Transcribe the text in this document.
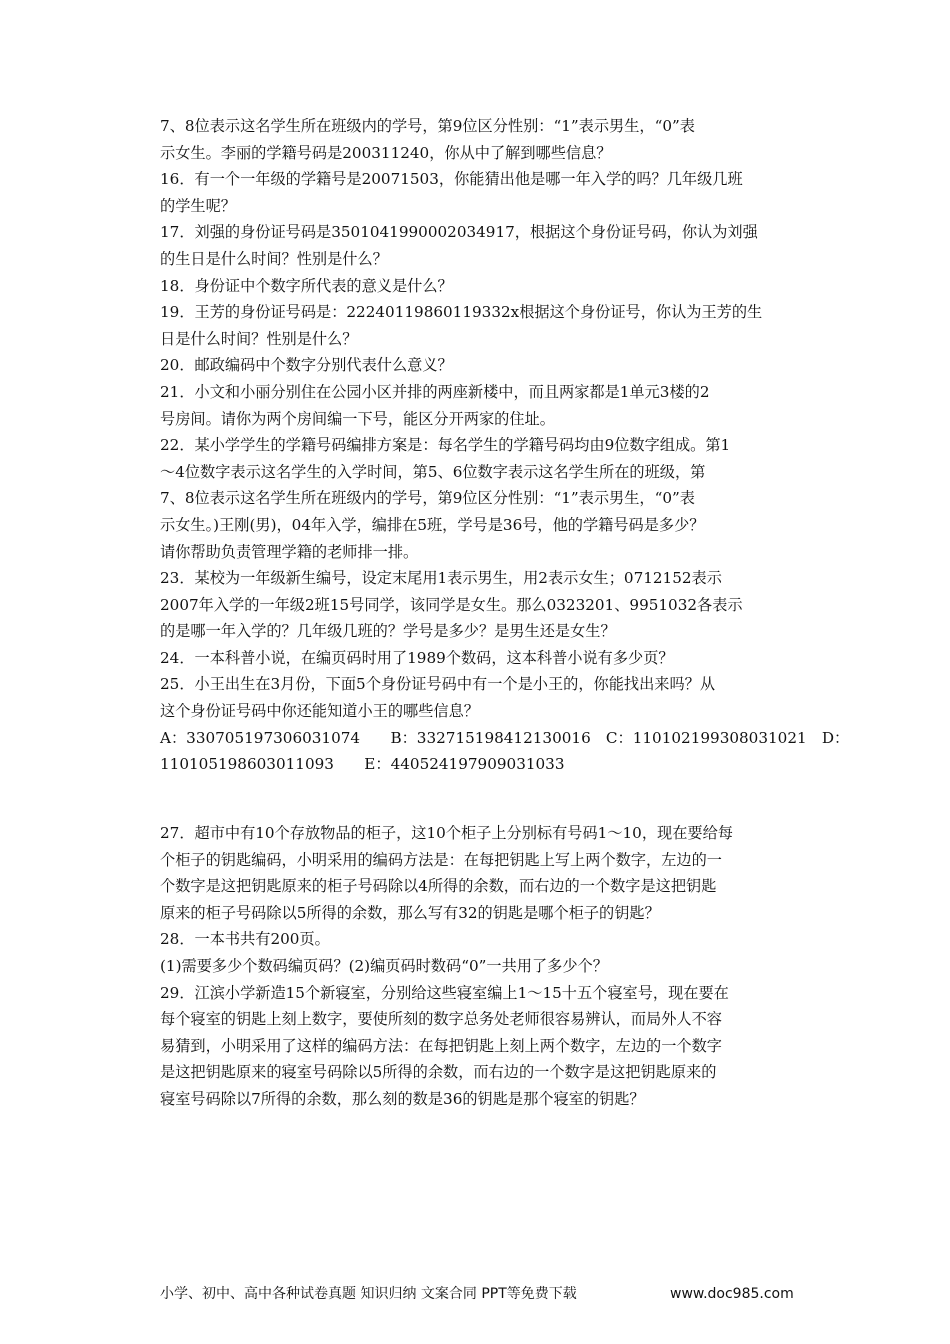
7、8位表示这名学生所在班级内的学号，第9位区分性别：“1”表示男生，“0”表
示女生。李丽的学籍号码是200311240，你从中了解到哪些信息？
16．有一个一年级的学籍号是20071503，你能猜出他是哪一年入学的吗？几年级几班
的学生呢？
17．刘强的身份证号码是350104199000203​4917，根据这个身份证号码，你认为刘强
的生日是什么时间？性别是什么？
18．身份证中个数字所代表的意义是什么？
19．王芳的身份证号码是：22240119860119332x根据这个身份证号，你认为王芳的生
日是什么时间？性别是什么？
20．邮政编码中个数字分别代表什么意义？
21．小文和小丽分别住在公园小区并排的两座新楼中，而且两家都是1单元3楼的2
号房间。请你为两个房间编一下号，能区分开两家的住址。
22．某小学学生的学籍号码编排方案是：每名学生的学籍号码均由9位数字组成。第1
～4位数字表示这名学生的入学时间，第5、6位数字表示这名学生所在的班级，第
7、8位表示这名学生所在班级内的学号，第9位区分性别：“1”表示男生，“0”表
示女生。)王刚(男)，04年入学，编排在5班，学号是36号，他的学籍号码是多少？
请你帮助负责管理学籍的老师排一排。
23．某校为一年级新生编号，设定末尾用1表示男生，用2表示女生；0712152表示
2007年入学的一年级2班15号同学，该同学是女生。那么0323201、9951032各表示
的是哪一年入学的？几年级几班的？学号是多少？是男生还是女生？
24．一本科普小说，在编页码时用了1989个数码，这本科普小说有多少页？
25．小王出生在3月份，下面5个身份证号码中有一个是小王的，你能找出来吗？从
这个身份证号码中你还能知道小王的哪些信息？
A：330705197306031074　　B：332715198412130016　C：110102199308031021　D：
110105198603011093　　E：440524197909031033
27．超市中有10个存放物品的柜子，这10个柜子上分别标有号码1～10，现在要给每
个柜子的钥匙编码，小明采用的编码方法是：在每把钥匙上写上两个数字，左边的一
个数字是这把钥匙原来的柜子号码除以4所得的余数，而右边的一个数字是这把钥匙
原来的柜子号码除以5所得的余数，那么写有32的钥匙是哪个柜子的钥匙？
28．一本书共有200页。
(1)需要多少个数码编页码？(2)编页码时数码“0”一共用了多少个？
29．江滨小学新造15个新寝室，分别给这些寝室编上1～15十五个寝室号，现在要在
每个寝室的钥匙上刻上数字，要使所刻的数字总务处老师很容易辨认，而局外人不容
易猜到，小明采用了这样的编码方法：在每把钥匙上刻上两个数字，左边的一个数字
是这把钥匙原来的寝室号码除以5所得的余数，而右边的一个数字是这把钥匙原来的
寝室号码除以7所得的余数，那么刻的数是36的钥匙是那个寝室的钥匙？
小学、初中、高中各种试卷真题 知识归纳 文案合同 PPT等免费下载	www.doc985.com
